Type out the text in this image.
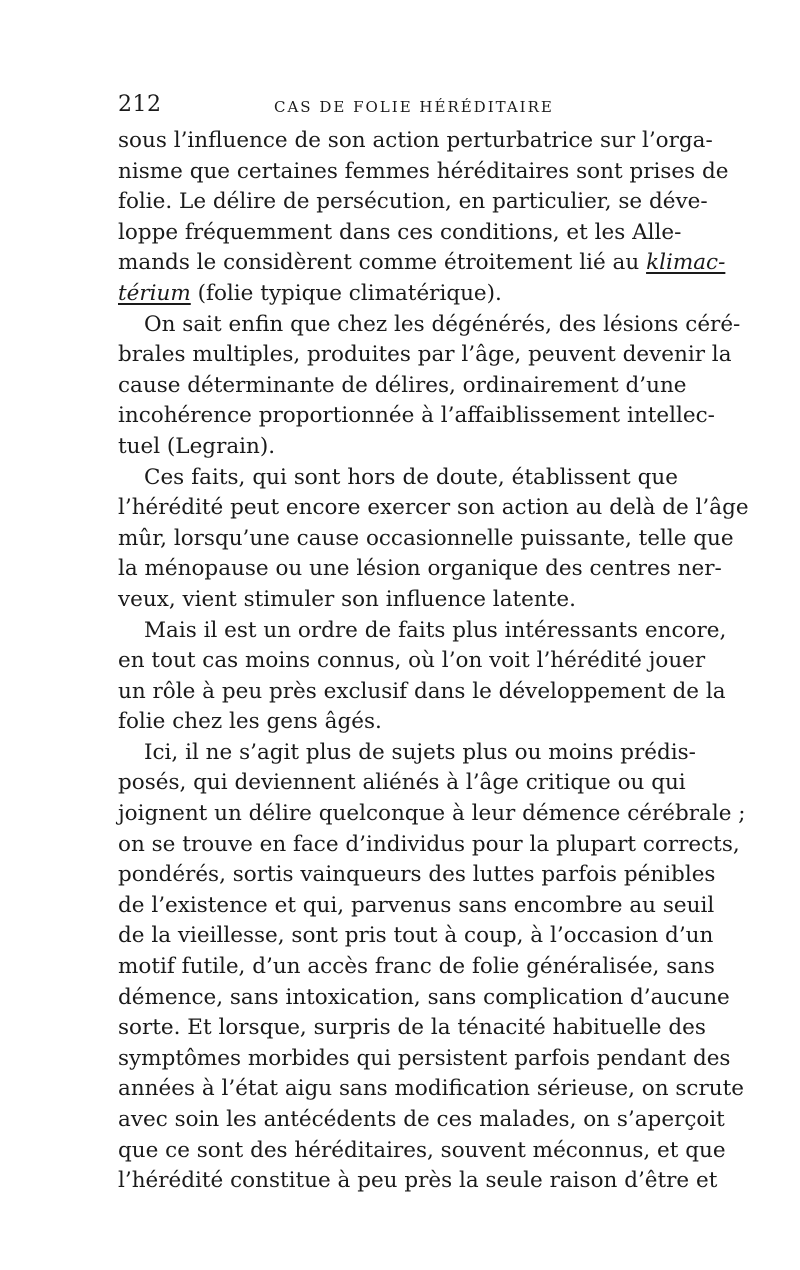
212	CAS DE FOLIE HÉRÉDITAIRE
sous l’influence de son action perturbatrice sur l’orga-
nisme que certaines femmes héréditaires sont prises de
folie. Le délire de persécution, en particulier, se déve-
loppe fréquemment dans ces conditions, et les Alle-
mands le considèrent comme étroitement lié au klimac-
térium (folie typique climatérique).
On sait enfin que chez les dégénérés, des lésions céré-
brales multiples, produites par l’âge, peuvent devenir la
cause déterminante de délires, ordinairement d’une
incohérence proportionnée à l’affaiblissement intellec-
tuel (Legrain).
Ces faits, qui sont hors de doute, établissent que
l’hérédité peut encore exercer son action au delà de l’âge
mûr, lorsqu’une cause occasionnelle puissante, telle que
la ménopause ou une lésion organique des centres ner-
veux, vient stimuler son influence latente.
Mais il est un ordre de faits plus intéressants encore,
en tout cas moins connus, où l’on voit l’hérédité jouer
un rôle à peu près exclusif dans le développement de la
folie chez les gens âgés.
Ici, il ne s’agit plus de sujets plus ou moins prédis-
posés, qui deviennent aliénés à l’âge critique ou qui
joignent un délire quelconque à leur démence cérébrale ;
on se trouve en face d’individus pour la plupart corrects,
pondérés, sortis vainqueurs des luttes parfois pénibles
de l’existence et qui, parvenus sans encombre au seuil
de la vieillesse, sont pris tout à coup, à l’occasion d’un
motif futile, d’un accès franc de folie généralisée, sans
démence, sans intoxication, sans complication d’aucune
sorte. Et lorsque, surpris de la ténacité habituelle des
symptômes morbides qui persistent parfois pendant des
années à l’état aigu sans modification sérieuse, on scrute
avec soin les antécédents de ces malades, on s’aperçoit
que ce sont des héréditaires, souvent méconnus, et que
l’hérédité constitue à peu près la seule raison d’être et
